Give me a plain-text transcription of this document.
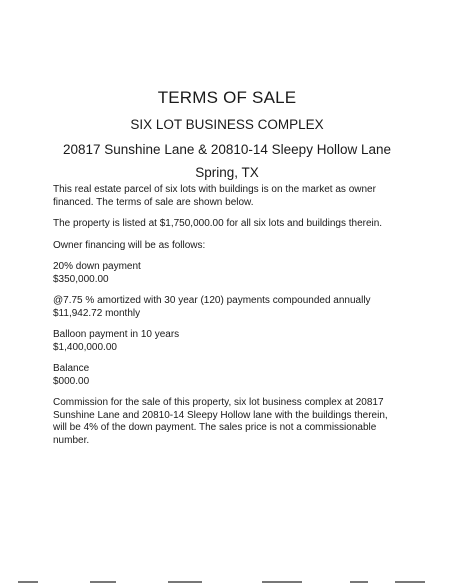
TERMS OF SALE
SIX LOT BUSINESS COMPLEX
20817 Sunshine Lane & 20810-14 Sleepy Hollow Lane
Spring, TX

This real estate parcel of six lots with buildings is on the market as owner financed. The terms of sale are shown below.

The property is listed at $1,750,000.00 for all six lots and buildings therein.

Owner financing will be as follows:

20% down payment
$350,000.00
@7.75 % amortized with 30 year (120) payments compounded annually
$11,942.72 monthly
Balloon payment in 10 years
$1,400,000.00
Balance
$000.00

Commission for the sale of this property, six lot business complex at 20817 Sunshine Lane and 20810-14 Sleepy Hollow lane with the buildings therein, will be 4% of the down payment. The sales price is not a commissionable number.
